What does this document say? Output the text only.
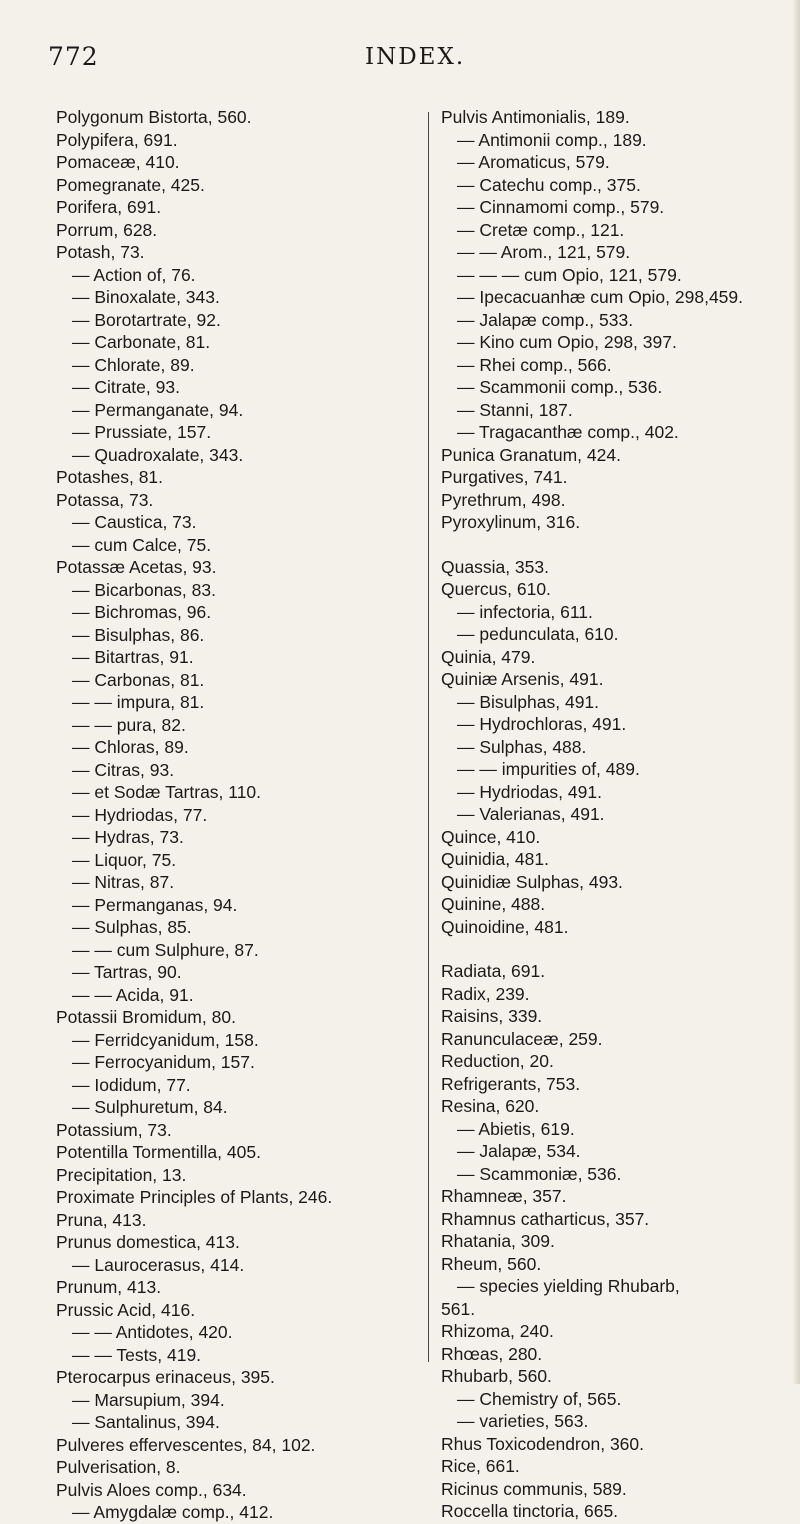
772	INDEX.
Polygonum Bistorta, 560.
Polypifera, 691.
Pomaceæ, 410.
Pomegranate, 425.
Porifera, 691.
Porrum, 628.
Potash, 73.
— Action of, 76.
— Binoxalate, 343.
— Borotartrate, 92.
— Carbonate, 81.
— Chlorate, 89.
— Citrate, 93.
— Permanganate, 94.
— Prussiate, 157.
— Quadroxalate, 343.
Potashes, 81.
Potassa, 73.
— Caustica, 73.
— cum Calce, 75.
Potassæ Acetas, 93.
— Bicarbonas, 83.
— Bichromas, 96.
— Bisulphas, 86.
— Bitartras, 91.
— Carbonas, 81.
— — impura, 81.
— — pura, 82.
— Chloras, 89.
— Citras, 93.
— et Sodæ Tartras, 110.
— Hydriodas, 77.
— Hydras, 73.
— Liquor, 75.
— Nitras, 87.
— Permanganas, 94.
— Sulphas, 85.
— — cum Sulphure, 87.
— Tartras, 90.
— — Acida, 91.
Potassii Bromidum, 80.
— Ferridcyanidum, 158.
— Ferrocyanidum, 157.
— Iodidum, 77.
— Sulphuretum, 84.
Potassium, 73.
Potentilla Tormentilla, 405.
Precipitation, 13.
Proximate Principles of Plants, 246.
Pruna, 413.
Prunus domestica, 413.
— Laurocerasus, 414.
Prunum, 413.
Prussic Acid, 416.
— — Antidotes, 420.
— — Tests, 419.
Pterocarpus erinaceus, 395.
— Marsupium, 394.
— Santalinus, 394.
Pulveres effervescentes, 84, 102.
Pulverisation, 8.
Pulvis Aloes comp., 634.
— Amygdalæ comp., 412.
Pulvis Antimonialis, 189.
— Antimonii comp., 189.
— Aromaticus, 579.
— Catechu comp., 375.
— Cinnamomi comp., 579.
— Cretæ comp., 121.
— — Arom., 121, 579.
— — — cum Opio, 121, 579.
— Ipecacuanhæ cum Opio, 298,459.
— Jalapæ comp., 533.
— Kino cum Opio, 298, 397.
— Rhei comp., 566.
— Scammonii comp., 536.
— Stanni, 187.
— Tragacanthæ comp., 402.
Punica Granatum, 424.
Purgatives, 741.
Pyrethrum, 498.
Pyroxylinum, 316.
Quassia, 353.
Quercus, 610.
— infectoria, 611.
— pedunculata, 610.
Quinia, 479.
Quiniæ Arsenis, 491.
— Bisulphas, 491.
— Hydrochloras, 491.
— Sulphas, 488.
— — impurities of, 489.
— Hydriodas, 491.
— Valerianas, 491.
Quince, 410.
Quinidia, 481.
Quinidiæ Sulphas, 493.
Quinine, 488.
Quinoidine, 481.
Radiata, 691.
Radix, 239.
Raisins, 339.
Ranunculaceæ, 259.
Reduction, 20.
Refrigerants, 753.
Resina, 620.
— Abietis, 619.
— Jalapæ, 534.
— Scammoniæ, 536.
Rhamneæ, 357.
Rhamnus catharticus, 357.
Rhatania, 309.
Rheum, 560.
— species yielding Rhubarb,
561.
Rhizoma, 240.
Rhœas, 280.
Rhubarb, 560.
— Chemistry of, 565.
— varieties, 563.
Rhus Toxicodendron, 360.
Rice, 661.
Ricinus communis, 589.
Roccella tinctoria, 665.
